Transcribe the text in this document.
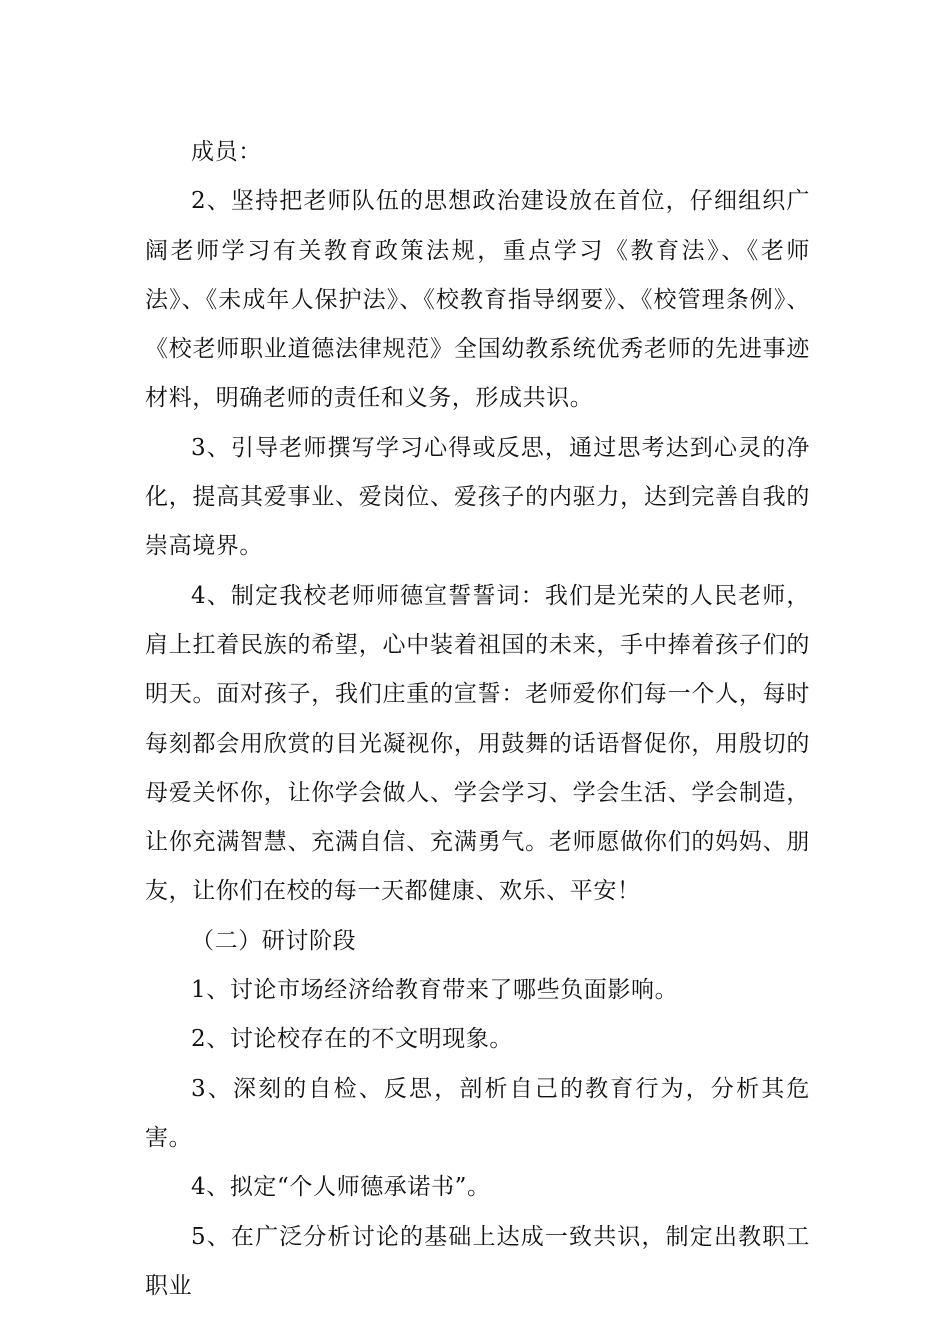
成员：

2、坚持把老师队伍的思想政治建设放在首位，仔细组织广阔老师学习有关教育政策法规，重点学习《教育法》、《老师法》、《未成年人保护法》、《校教育指导纲要》、《校管理条例》、《校老师职业道德法律规范》全国幼教系统优秀老师的先进事迹材料，明确老师的责任和义务，形成共识。

3、引导老师撰写学习心得或反思，通过思考达到心灵的净化，提高其爱事业、爱岗位、爱孩子的内驱力，达到完善自我的崇高境界。

4、制定我校老师师德宣誓誓词：我们是光荣的人民老师，肩上扛着民族的希望，心中装着祖国的未来，手中捧着孩子们的明天。面对孩子，我们庄重的宣誓：老师爱你们每一个人，每时每刻都会用欣赏的目光凝视你，用鼓舞的话语督促你，用殷切的母爱关怀你，让你学会做人、学会学习、学会生活、学会制造，让你充满智慧、充满自信、充满勇气。老师愿做你们的妈妈、朋友，让你们在校的每一天都健康、欢乐、平安！

（二）研讨阶段

1、讨论市场经济给教育带来了哪些负面影响。

2、讨论校存在的不文明现象。

3、深刻的自检、反思，剖析自己的教育行为，分析其危害。

4、拟定“个人师德承诺书”。

5、在广泛分析讨论的基础上达成一致共识，制定出教职工职业
